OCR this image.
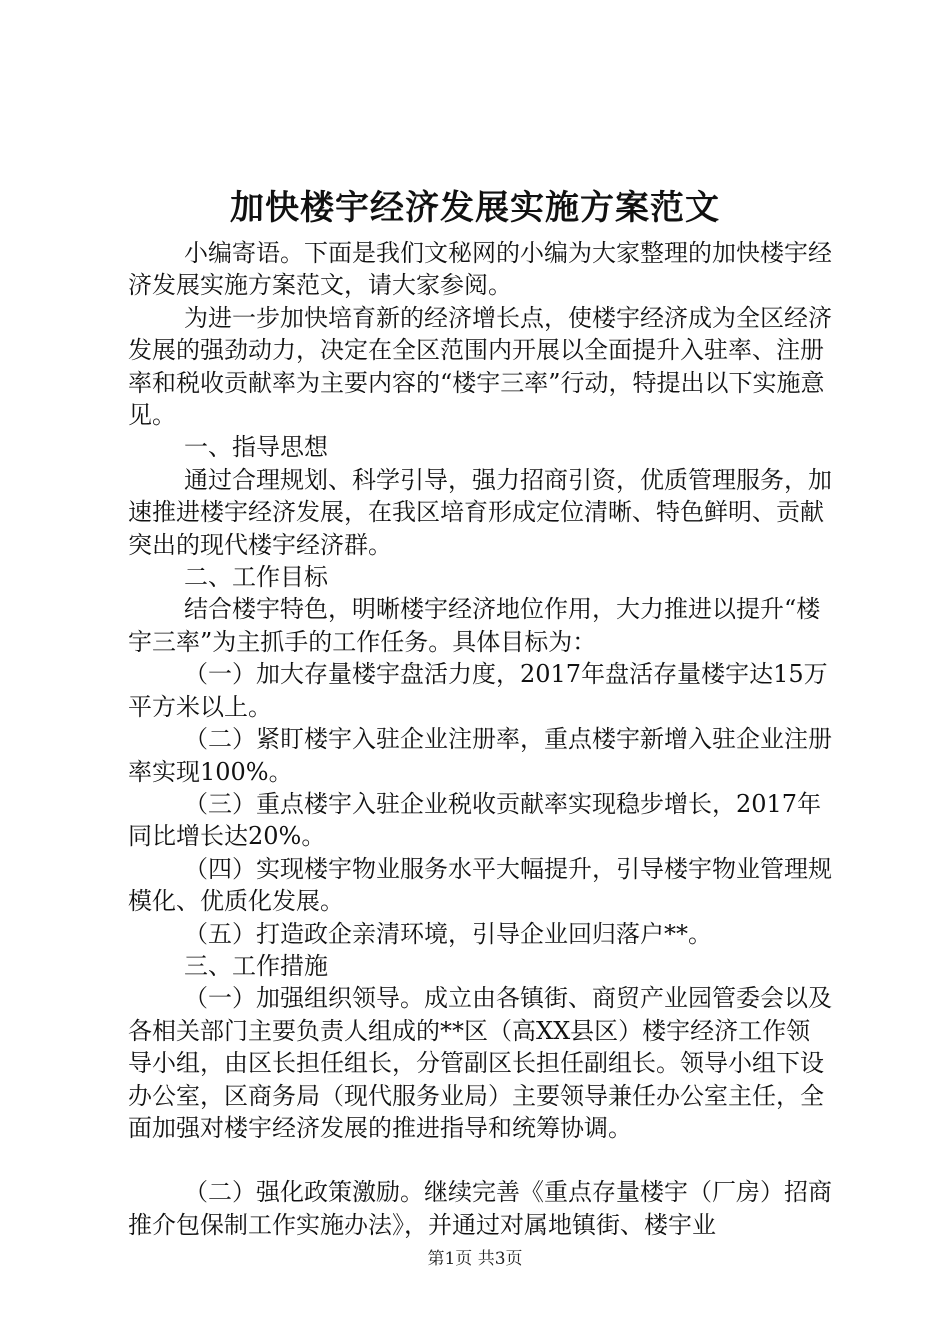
加快楼宇经济发展实施方案范文

小编寄语。下面是我们文秘网的小编为大家整理的加快楼宇经济发展实施方案范文，请大家参阅。

为进一步加快培育新的经济增长点，使楼宇经济成为全区经济发展的强劲动力，决定在全区范围内开展以全面提升入驻率、注册率和税收贡献率为主要内容的“楼宇三率”行动，特提出以下实施意见。

一、指导思想

通过合理规划、科学引导，强力招商引资，优质管理服务，加速推进楼宇经济发展，在我区培育形成定位清晰、特色鲜明、贡献突出的现代楼宇经济群。

二、工作目标

结合楼宇特色，明晰楼宇经济地位作用，大力推进以提升“楼宇三率”为主抓手的工作任务。具体目标为：

（一）加大存量楼宇盘活力度，2017年盘活存量楼宇达15万平方米以上。

（二）紧盯楼宇入驻企业注册率，重点楼宇新增入驻企业注册率实现100%。

（三）重点楼宇入驻企业税收贡献率实现稳步增长，2017年同比增长达20%。

（四）实现楼宇物业服务水平大幅提升，引导楼宇物业管理规模化、优质化发展。

（五）打造政企亲清环境，引导企业回归落户**。

三、工作措施

（一）加强组织领导。成立由各镇街、商贸产业园管委会以及各相关部门主要负责人组成的**区（高XX县区）楼宇经济工作领导小组，由区长担任组长，分管副区长担任副组长。领导小组下设办公室，区商务局（现代服务业局）主要领导兼任办公室主任，全面加强对楼宇经济发展的推进指导和统筹协调。

（二）强化政策激励。继续完善《重点存量楼宇（厂房）招商推介包保制工作实施办法》，并通过对属地镇街、楼宇业

第1页 共3页
